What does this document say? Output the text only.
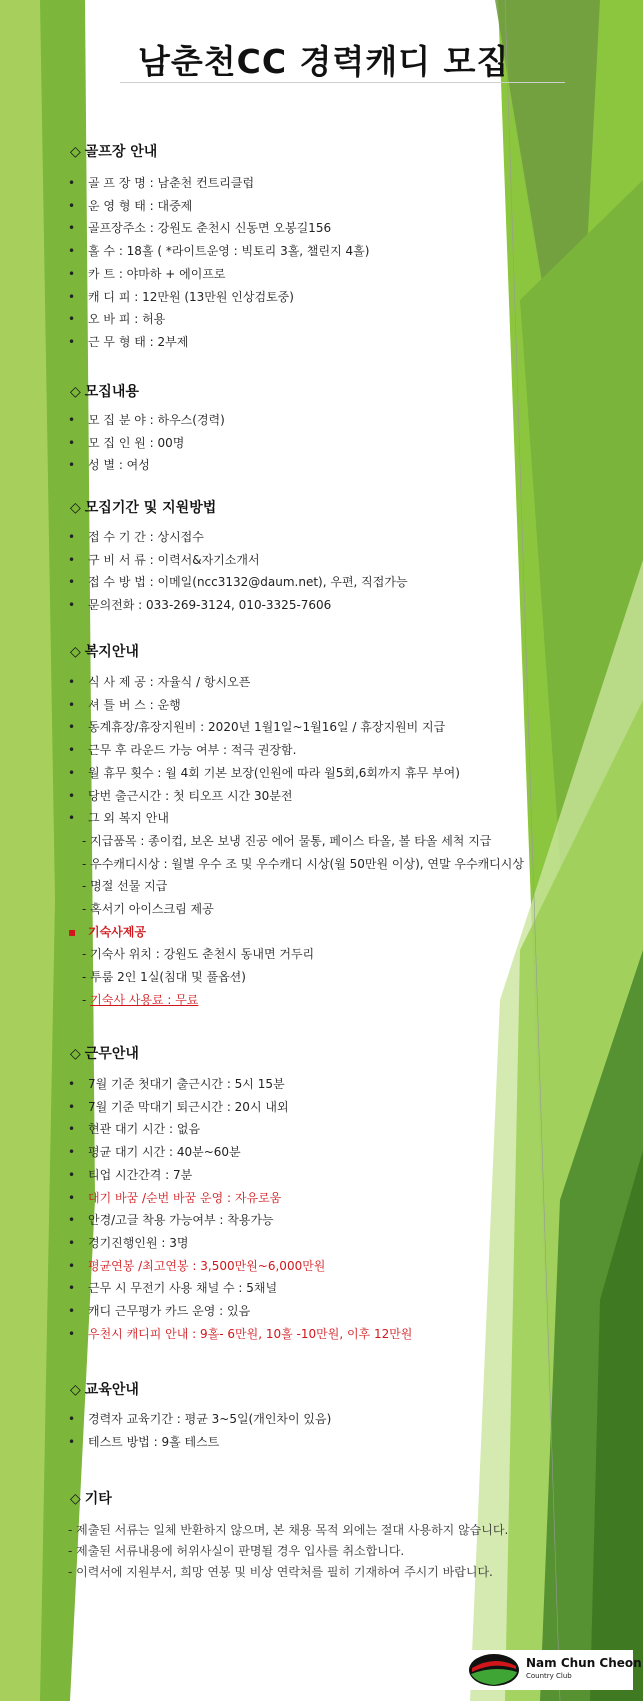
남춘천CC 경력캐디 모집
◇ 골프장 안내
• 골 프 장 명 : 남춘천 컨트리클럽
• 운 영 형 태 : 대중제
• 골프장주소 : 강원도 춘천시 신동면 오봉길156
• 홀 수 : 18홀 ( *라이트운영 : 빅토리 3홀, 챌린지 4홀)
• 카 트 : 야마하 + 에이프로
• 캐 디 피 : 12만원 (13만원 인상검토중)
• 오 바 피 : 허용
• 근 무 형 태 : 2부제
◇ 모집내용
• 모 집 분 야 : 하우스(경력)
• 모 집 인 원 : 00명
• 성 별 : 여성
◇ 모집기간 및 지원방법
• 접 수 기 간 : 상시접수
• 구 비 서 류 : 이력서&자기소개서
• 접 수 방 법 : 이메일(ncc3132@daum.net), 우편, 직접가능
• 문의전화 : 033-269-3124, 010-3325-7606
◇ 복지안내
• 식 사 제 공 : 자율식 / 항시오픈
• 셔 틀 버 스 : 운행
• 동계휴장/휴장지원비 : 2020년 1월1일~1월16일 / 휴장지원비 지급
• 근무 후 라운드 가능 여부 : 적극 권장함.
• 월 휴무 횟수 : 월 4회 기본 보장(인원에 따라 월5회,6회까지 휴무 부여)
• 당번 출근시간 : 첫 티오프 시간 30분전
• 그 외 복지 안내
- 지급품목 : 종이컵, 보온 보냉 진공 에어 물통, 페이스 타올, 볼 타올 세척 지급
- 우수캐디시상 : 월별 우수 조 및 우수캐디 시상(월 50만원 이상), 연말 우수캐디시상
- 명절 선물 지급
- 혹서기 아이스크림 제공
▪ 기숙사제공
- 기숙사 위치 : 강원도 춘천시 동내면 거두리
- 투룸 2인 1실(침대 및 풀옵션)
- 기숙사 사용료 : 무료
◇ 근무안내
• 7월 기준 첫대기 출근시간 : 5시 15분
• 7월 기준 막대기 퇴근시간 : 20시 내외
• 현관 대기 시간 : 없음
• 평균 대기 시간 : 40분~60분
• 티업 시간간격 : 7분
• 대기 바꿈 /순번 바꿈 운영 : 자유로움
• 안경/고글 착용 가능여부 : 착용가능
• 경기진행인원 : 3명
• 평균연봉 /최고연봉 : 3,500만원~6,000만원
• 근무 시 무전기 사용 채널 수 : 5채널
• 캐디 근무평가 카드 운영 : 있음
• 우천시 캐디피 안내 : 9홀- 6만원, 10홀 -10만원, 이후 12만원
◇ 교육안내
• 경력자 교육기간 : 평균 3~5일(개인차이 있음)
• 테스트 방법 : 9홀 테스트
◇ 기타
- 제출된 서류는 일체 반환하지 않으며, 본 채용 목적 외에는 절대 사용하지 않습니다.
- 제출된 서류내용에 허위사실이 판명될 경우 입사를 취소합니다.
- 이력서에 지원부서, 희망 연봉 및 비상 연락처를 필히 기재하여 주시기 바랍니다.
Nam Chun Cheon
Country Club
